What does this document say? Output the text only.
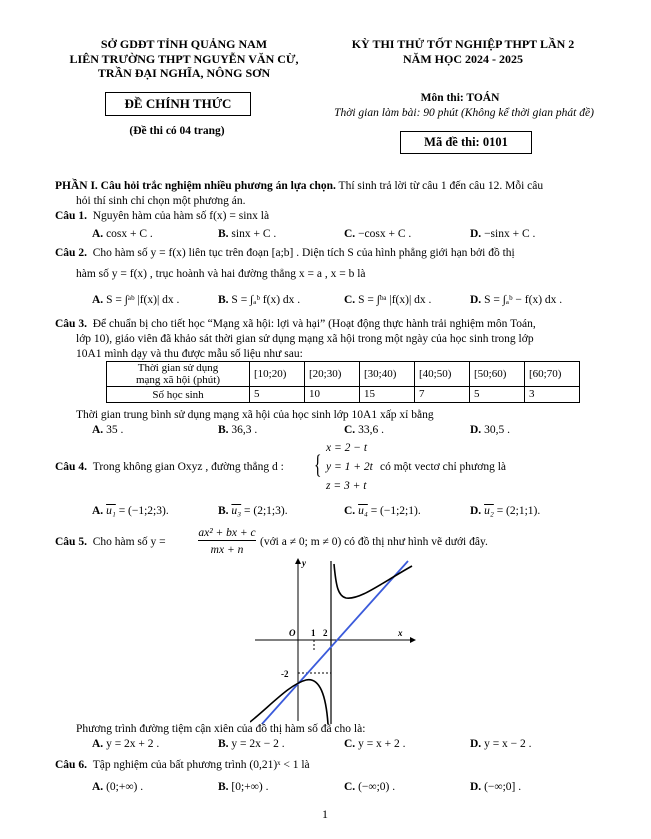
SỞ GDĐT TỈNH QUẢNG NAM
LIÊN TRƯỜNG THPT NGUYỄN VĂN CỪ,
TRẦN ĐẠI NGHĨA, NÔNG SƠN
ĐỀ CHÍNH THỨC
(Đề thi có 04 trang)
KỲ THI THỬ TỐT NGHIỆP THPT LẦN 2
NĂM HỌC 2024 - 2025
Môn thi: TOÁN
Thời gian làm bài: 90 phút (Không kể thời gian phát đề)
Mã đề thi: 0101
PHẦN I. Câu hỏi trắc nghiệm nhiều phương án lựa chọn. Thí sinh trả lời từ câu 1 đến câu 12. Mỗi câu
hỏi thí sinh chỉ chọn một phương án.
Câu 1. Nguyên hàm của hàm số f(x) = sinx là
A. cosx + C .	B. sinx + C .	C. −cosx + C .	D. −sinx + C .
Câu 2. Cho hàm số y = f(x) liên tục trên đoạn [a;b] . Diện tích S của hình phẳng giới hạn bởi đồ thị
hàm số y = f(x) , trục hoành và hai đường thẳng x = a , x = b là
A. S = ∫ᵃᵇ |f(x)| dx .	B. S = ∫ₐᵇ f(x) dx .	C. S = ∫ᵇᵃ |f(x)| dx .	D. S = ∫ₐᵇ − f(x) dx .
Câu 3. Để chuẩn bị cho tiết học “Mạng xã hội: lợi và hại” (Hoạt động thực hành trải nghiệm môn Toán,
lớp 10), giáo viên đã khảo sát thời gian sử dụng mạng xã hội trong một ngày của học sinh trong lớp
10A1 mình dạy và thu được mẫu số liệu như sau:
Thời gian sử dụng
mạng xã hội (phút)	[10;20)	[20;30)	[30;40)	[40;50)	[50;60)	[60;70)
Số học sinh	5	10	15	7	5	3
Thời gian trung bình sử dụng mạng xã hội của học sinh lớp 10A1 xấp xỉ bằng
A. 35 .	B. 36,3 .	C. 33,6 .	D. 30,5 .
Câu 4. Trong không gian Oxyz , đường thẳng d : {
x = 2 − t
y = 1 + 2t
z = 3 + t
có một vectơ chỉ phương là
A. u₁ = (−1;2;3).	B. u₃ = (2;1;3).	C. u₄ = (−1;2;1).	D. u₂ = (2;1;1).
Câu 5. Cho hàm số y =
ax² + bx + c
mx + n
(với a ≠ 0; m ≠ 0) có đồ thị như hình vẽ dưới đây.
O 1 2
-2
x
y
Phương trình đường tiệm cận xiên của đồ thị hàm số đã cho là:
A. y = 2x + 2 .	B. y = 2x − 2 .	C. y = x + 2 .	D. y = x − 2 .
Câu 6. Tập nghiệm của bất phương trình (0,21)ˣ < 1 là
A. (0;+∞) .	B. [0;+∞) .	C. (−∞;0) .	D. (−∞;0] .
1
